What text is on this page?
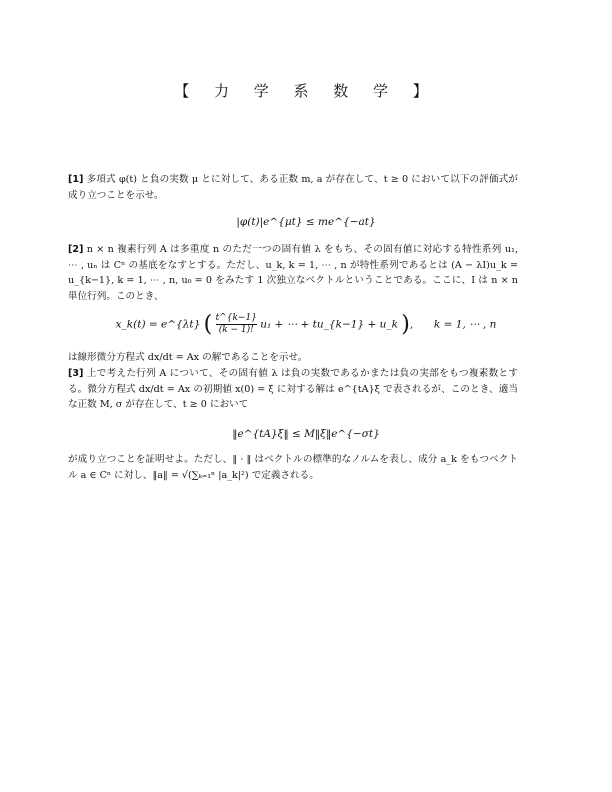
【 力 学 系 数 学 】
[1] 多項式 φ(t) と負の実数 μ とに対して、ある正数 m, a が存在して、t ≥ 0 において以下の評価式が成り立つことを示せ。
|φ(t)|e^{μt} ≤ me^{−at}
[2] n × n 複素行列 A は多重度 n のただ一つの固有値 λ をもち、その固有値に対応する特性系列 u₁, ⋯ , uₙ は Cⁿ の基底をなすとする。ただし、u_k, k = 1, ⋯ , n が特性系列であるとは (A − λI)u_k = u_{k−1}, k = 1, ⋯ , n, u₀ = 0 をみたす 1 次独立なベクトルということである。ここに、I は n × n 単位行列。このとき、
x_k(t) = e^{λt} ( $\frac{t\^{}\{k-1\}}{(k - 1)!} u_1$ + ⋯ + tu_{k−1} + u_k ),  k = 1, ⋯ , n
は線形微分方程式 dx/dt = Ax の解であることを示せ。
[3] 上で考えた行列 A について、その固有値 λ は負の実数であるかまたは負の実部をもつ複素数とする。微分方程式 dx/dt = Ax の初期値 x(0) = ξ に対する解は e^{tA}ξ で表されるが、このとき、適当な正数 M, σ が存在して、t ≥ 0 において
‖e^{tA}ξ‖ ≤ M‖ξ‖e^{−σt}
が成り立つことを証明せよ。ただし、‖ · ‖ はベクトルの標準的なノルムを表し、成分 a_k をもつベクトル a ∈ Cⁿ に対し、‖a‖ = √(∑ₖ₌₁ⁿ |a_k|²) で定義される。
